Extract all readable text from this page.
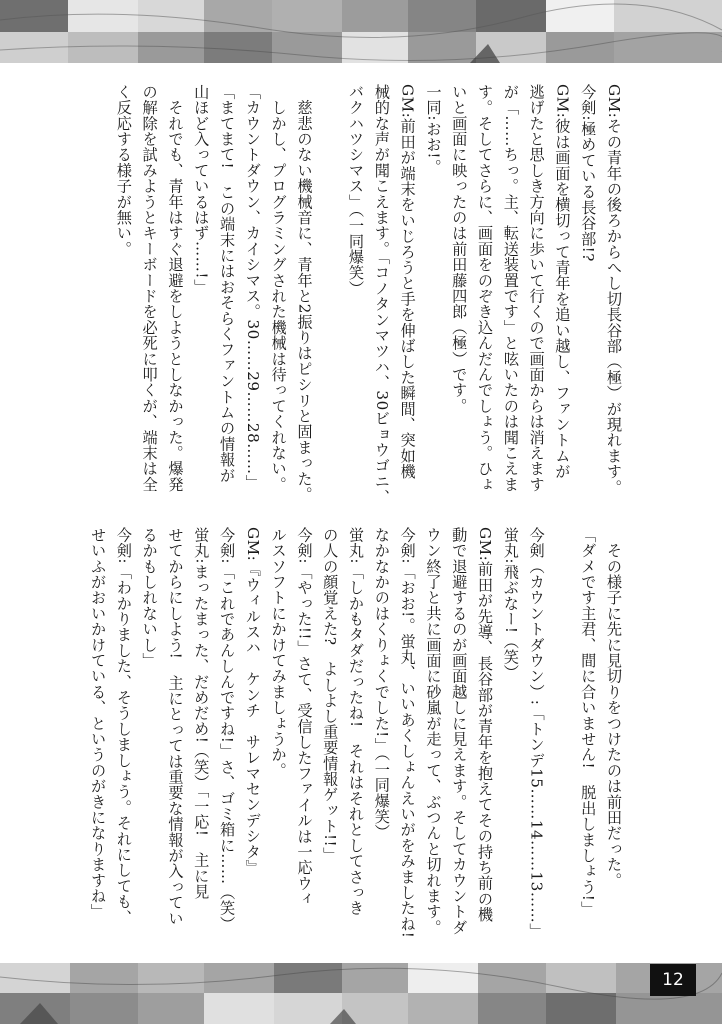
GM:その青年の後ろからへし切長谷部（極）が現れます。
今剣:極めている長谷部!?
GM:彼は画面を横切って青年を追い越し、ファントムが
逃げたと思しき方向に歩いて行くので画面からは消えます
が「……ちっ。主、転送装置です」と呟いたのは聞こえま
す。そしてさらに、画面をのぞき込んだんでしょう。ひょ
いと画面に映ったのは前田藤四郎（極）です。
一同:おお!。
GM:前田が端末をいじろうと手を伸ばした瞬間、突如機
械的な声が聞こえます。「コノタンマツハ、30ビョウゴニ、
バクハツシマス」（一同爆笑）

　慈悲のない機械音に、青年と2振りはピシリと固まった。
　しかし、プログラミングされた機械は待ってくれない。
「カウントダウン、カイシマス。30……29……28……」
「まてまて!　この端末にはおそらくファントムの情報が
山ほど入っているはず……!」
　それでも、青年はすぐ退避をしようとしなかった。爆発
の解除を試みようとキーボードを必死に叩くが、端末は全
く反応する様子が無い。
　その様子に先に見切りをつけたのは前田だった。
「ダメです主君、間に合いません!　脱出しましょう!」

今剣（カウントダウン）:「トンデ15……14……13……」
蛍丸:飛ぶなー!（笑）
GM:前田が先導、長谷部が青年を抱えてその持ち前の機
動で退避するのが画面越しに見えます。そしてカウントダ
ウン終了と共に画面に砂嵐が走って、ぶつんと切れます。
今剣:「おお!。蛍丸、いいあくしょんえいがをみましたね!
なかなかのはくりょくでした!」（一同爆笑）
蛍丸:「しかもタダだったね!　それはそれとしてさっき
の人の顔覚えた?　よしよし重要情報ゲット!!」
今剣:「やった!!」さて、受信したファイルは一応ウィ
ルスソフトにかけてみましょうか。
GM:『ウィルスハ　ケンチ　サレマセンデシタ』
今剣:「これであんしんですね!」さ、ゴミ箱に……（笑）
蛍丸:まったまった、だめだめ!（笑）「一応!　主に見
せてからにしよう!　主にとっては重要な情報が入ってい
るかもしれないし」
今剣:「わかりました、そうしましょう。それにしても、
せいふがおいかけている、というのがきになりますね」
12
